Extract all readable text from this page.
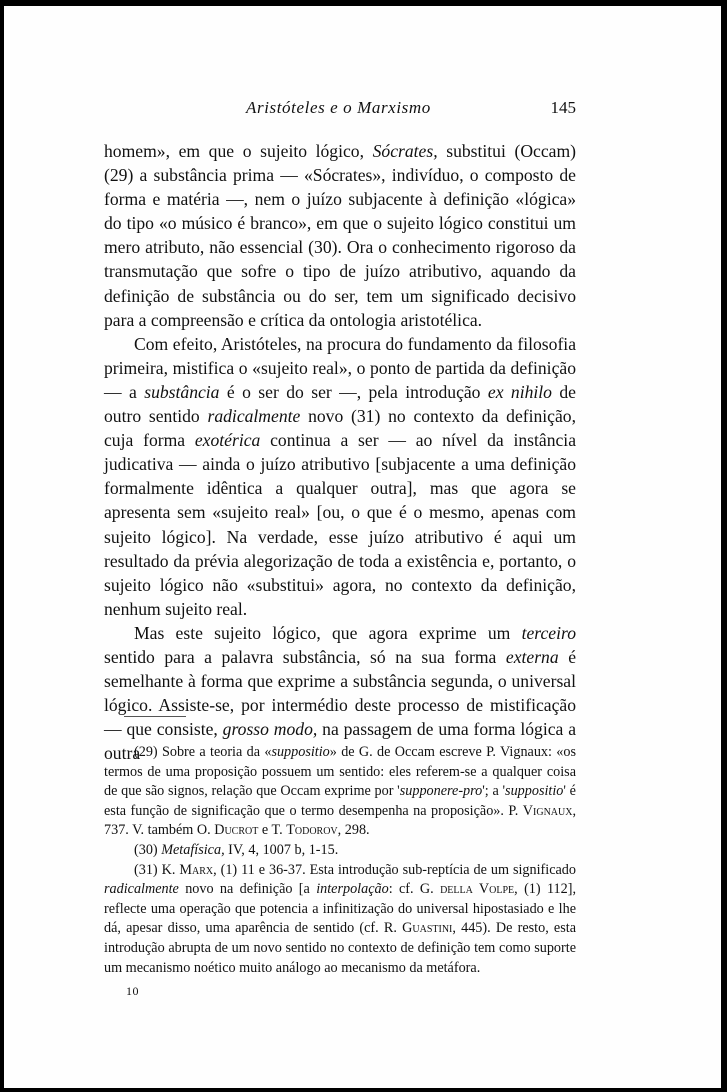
Aristóteles e o Marxismo	145

homem», em que o sujeito lógico, Sócrates, substitui (Occam) (29) a substância prima — «Sócrates», indivíduo, o composto de forma e matéria —, nem o juízo subjacente à definição «lógica» do tipo «o músico é branco», em que o sujeito lógico constitui um mero atributo, não essencial (30). Ora o conhecimento rigoroso da transmutação que sofre o tipo de juízo atributivo, aquando da definição de substância ou do ser, tem um significado decisivo para a compreensão e crítica da ontologia aristotélica.

Com efeito, Aristóteles, na procura do fundamento da filosofia primeira, mistifica o «sujeito real», o ponto de partida da definição — a substância é o ser do ser —, pela introdução ex nihilo de outro sentido radicalmente novo (31) no contexto da definição, cuja forma exotérica continua a ser — ao nível da instância judicativa — ainda o juízo atributivo [subjacente a uma definição formalmente idêntica a qualquer outra], mas que agora se apresenta sem «sujeito real» [ou, o que é o mesmo, apenas com sujeito lógico]. Na verdade, esse juízo atributivo é aqui um resultado da prévia alegorização de toda a existência e, portanto, o sujeito lógico não «substitui» agora, no contexto da definição, nenhum sujeito real.

Mas este sujeito lógico, que agora exprime um terceiro sentido para a palavra substância, só na sua forma externa é semelhante à forma que exprime a substância segunda, o universal lógico. Assiste-se, por intermédio deste processo de mistificação — que consiste, grosso modo, na passagem de uma forma lógica a outra

(29) Sobre a teoria da «suppositio» de G. de Occam escreve P. Vignaux: «os termos de uma proposição possuem um sentido: eles referem-se a qualquer coisa de que são signos, relação que Occam exprime por 'supponere-pro'; a 'suppositio' é esta função de significação que o termo desempenha na proposição». P. Vignaux, 737. V. também O. Ducrot e T. Todorov, 298.

(30) Metafísica, IV, 4, 1007 b, 1-15.

(31) K. Marx, (1) 11 e 36-37. Esta introdução sub-reptícia de um significado radicalmente novo na definição [a interpolação: cf. G. della Volpe, (1) 112], reflecte uma operação que potencia a infinitização do universal hipostasiado e lhe dá, apesar disso, uma aparência de sentido (cf. R. Guastini, 445). De resto, esta introdução abrupta de um novo sentido no contexto de definição tem como suporte um mecanismo noético muito análogo ao mecanismo da metáfora.

10
